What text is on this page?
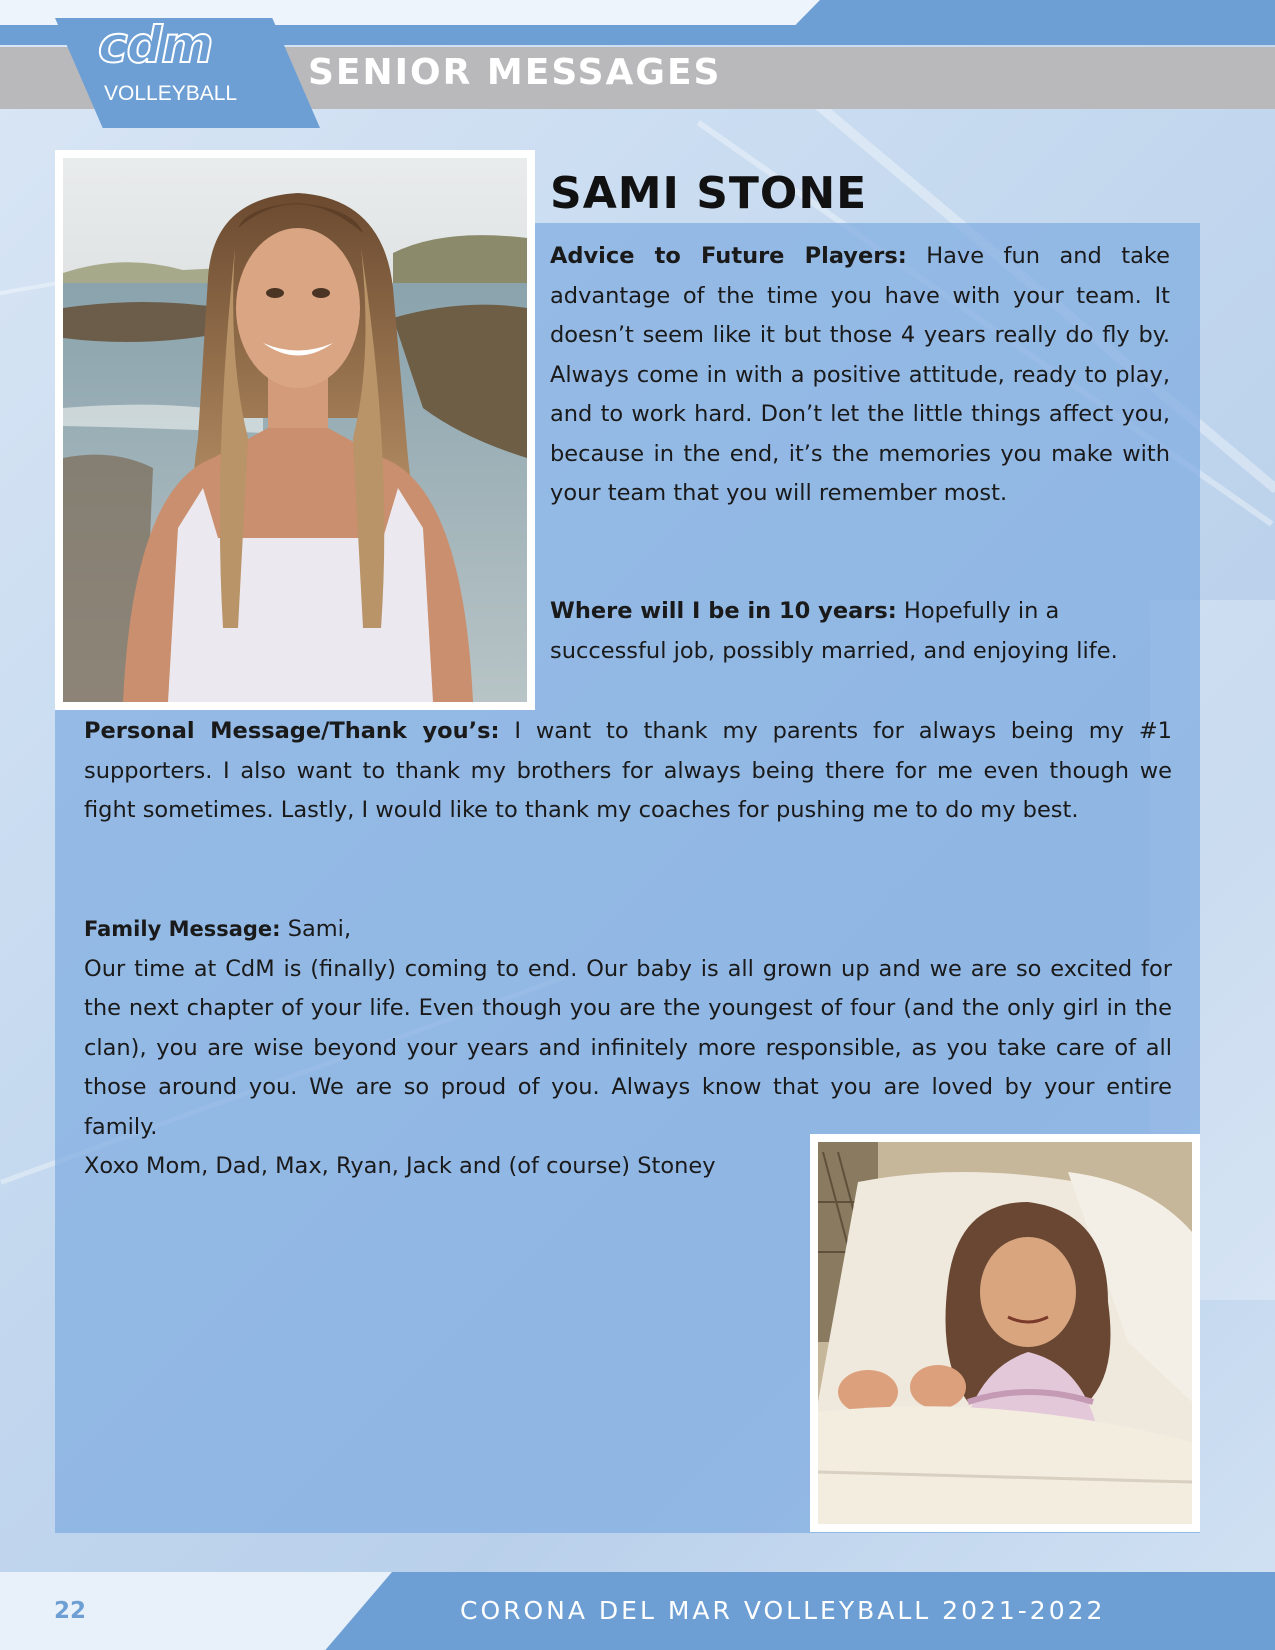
SENIOR MESSAGES
cdm
VOLLEYBALL
SAMI STONE
Advice to Future Players: Have fun and take advantage of the time you have with your team. It doesn’t seem like it but those 4 years really do fly by. Always come in with a positive attitude, ready to play, and to work hard. Don’t let the little things affect you, because in the end, it’s the memories you make with your team that you will remember most.
Where will I be in 10 years: Hopefully in a successful job, possibly married, and enjoying life.
Personal Message/Thank you’s: I want to thank my parents for always being my #1 supporters. I also want to thank my brothers for always being there for me even though we fight sometimes. Lastly, I would like to thank my coaches for pushing me to do my best.
Family Message: Sami,
Our time at CdM is (finally) coming to end. Our baby is all grown up and we are so excited for the next chapter of your life. Even though you are the youngest of four (and the only girl in the clan), you are wise beyond your years and infinitely more responsible, as you take care of all those around you. We are so proud of you. Always know that you are loved by your entire family.
Xoxo Mom, Dad, Max, Ryan, Jack and (of course) Stoney
22	CORONA DEL MAR VOLLEYBALL 2021-2022
